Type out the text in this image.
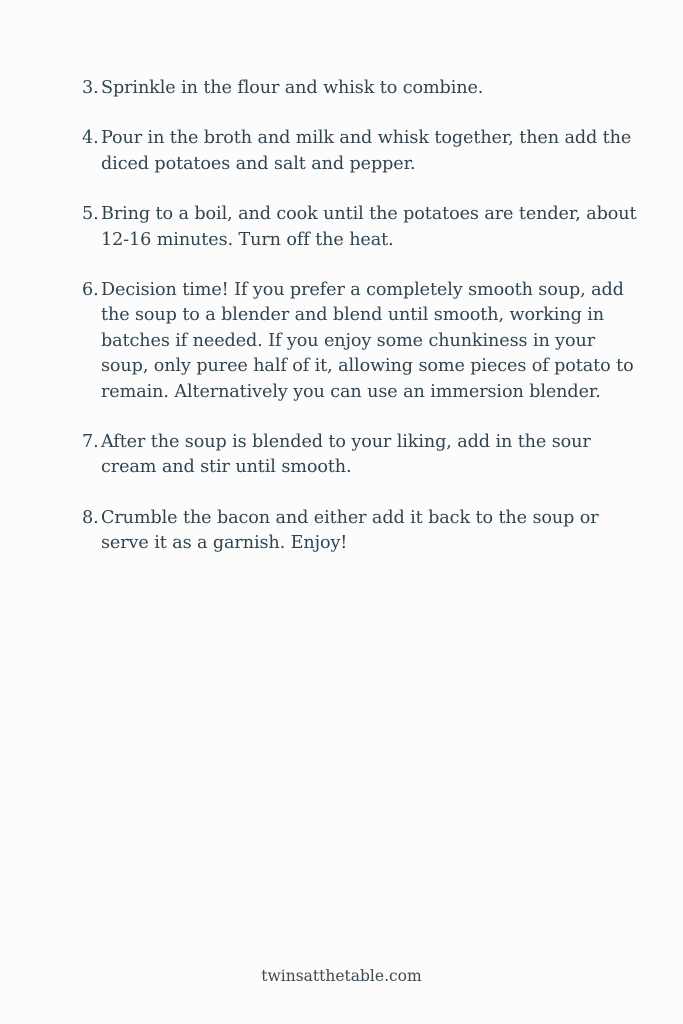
3. Sprinkle in the flour and whisk to combine.
4. Pour in the broth and milk and whisk together, then add the diced potatoes and salt and pepper.
5. Bring to a boil, and cook until the potatoes are tender, about 12-16 minutes. Turn off the heat.
6. Decision time! If you prefer a completely smooth soup, add the soup to a blender and blend until smooth, working in batches if needed. If you enjoy some chunkiness in your soup, only puree half of it, allowing some pieces of potato to remain. Alternatively you can use an immersion blender.
7. After the soup is blended to your liking, add in the sour cream and stir until smooth.
8. Crumble the bacon and either add it back to the soup or serve it as a garnish. Enjoy!
twinsatthetable.com
